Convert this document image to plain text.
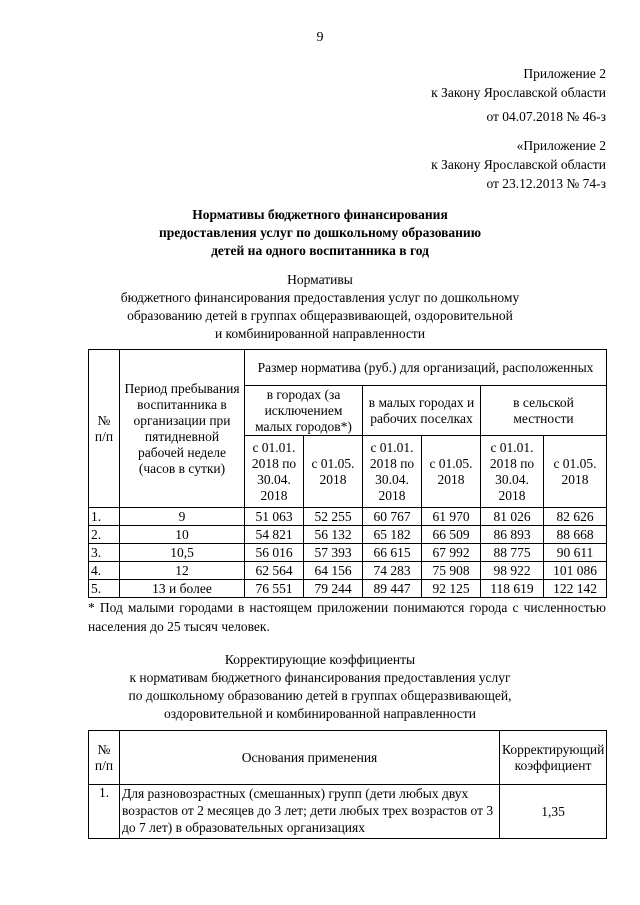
9
Приложение 2
к Закону Ярославской области
от 04.07.2018 № 46-з
«Приложение 2
к Закону Ярославской области
от 23.12.2013 № 74-з
Нормативы бюджетного финансирования
предоставления услуг по дошкольному образованию
детей на одного воспитанника в год
Нормативы
бюджетного финансирования предоставления услуг по дошкольному
образованию детей в группах общеразвивающей, оздоровительной
и комбинированной направленности
№ п/п	Период пребывания воспитанника в организации при пятидневной рабочей неделе (часов в сутки)	Размер норматива (руб.) для организаций, расположенных					
		в городах (за исключением малых городов*)		в малых городах и рабочих поселках		в сельской местности	
		с 01.01. 2018 по 30.04. 2018	с 01.05. 2018	с 01.01. 2018 по 30.04. 2018	с 01.05. 2018	с 01.01. 2018 по 30.04. 2018	с 01.05. 2018
1.	9	51 063	52 255	60 767	61 970	81 026	82 626
2.	10	54 821	56 132	65 182	66 509	86 893	88 668
3.	10,5	56 016	57 393	66 615	67 992	88 775	90 611
4.	12	62 564	64 156	74 283	75 908	98 922	101 086
5.	13 и более	76 551	79 244	89 447	92 125	118 619	122 142
* Под малыми городами в настоящем приложении понимаются города с численностью населения до 25 тысяч человек.
Корректирующие коэффициенты
к нормативам бюджетного финансирования предоставления услуг
по дошкольному образованию детей в группах общеразвивающей,
оздоровительной и комбинированной направленности
№ п/п	Основания применения	Корректирующий коэффициент
1.	Для разновозрастных (смешанных) групп (дети любых двух возрастов от 2 месяцев до 3 лет; дети любых трех возрастов от 3 до 7 лет) в образовательных организациях	1,35
